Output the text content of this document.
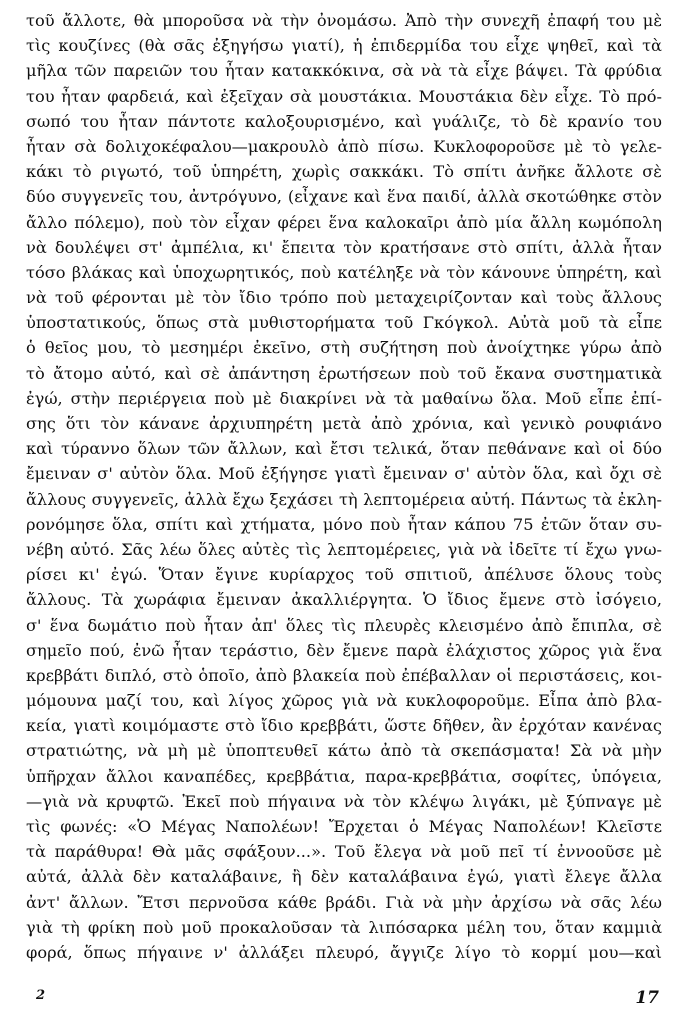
τοῦ ἄλλοτε, θὰ μποροῦσα νὰ τὴν ὀνομάσω. Ἀπὸ τὴν συνεχῆ ἐπαφή του μὲ
τὶς κουζίνες (θὰ σᾶς ἐξηγήσω γιατί), ἡ ἐπιδερμίδα του εἶχε ψηθεῖ, καὶ τὰ
μῆλα τῶν παρειῶν του ἦταν κατακκόκινα, σὰ νὰ τὰ εἶχε βάψει. Τὰ φρύδια
του ἦταν φαρδειά, καὶ ἐξεῖχαν σὰ μουστάκια. Μουστάκια δὲν εἶχε. Τὸ πρό-
σωπό του ἦταν πάντοτε καλοξουρισμένο, καὶ γυάλιζε, τὸ δὲ κρανίο του
ἦταν σὰ δολιχοκέφαλου—μακρουλὸ ἀπὸ πίσω. Κυκλοφοροῦσε μὲ τὸ γελε-
κάκι τὸ ριγωτό, τοῦ ὑπηρέτη, χωρὶς σακκάκι. Τὸ σπίτι ἀνῆκε ἄλλοτε σὲ
δύο συγγενεῖς του, ἀντρόγυνο, (εἶχανε καὶ ἕνα παιδί, ἀλλὰ σκοτώθηκε στὸν
ἄλλο πόλεμο), ποὺ τὸν εἶχαν φέρει ἕνα καλοκαῖρι ἀπὸ μία ἄλλη κωμόπολη
νὰ δουλέψει στ' ἀμπέλια, κι' ἔπειτα τὸν κρατήσανε στὸ σπίτι, ἀλλὰ ἦταν
τόσο βλάκας καὶ ὑποχωρητικός, ποὺ κατέληξε νὰ τὸν κάνουνε ὑπηρέτη, καὶ
νὰ τοῦ φέρονται μὲ τὸν ἴδιο τρόπο ποὺ μεταχειρίζονταν καὶ τοὺς ἄλλους
ὑποστατικούς, ὅπως στὰ μυθιστορήματα τοῦ Γκόγκολ. Αὐτὰ μοῦ τὰ εἶπε
ὁ θεῖος μου, τὸ μεσημέρι ἐκεῖνο, στὴ συζήτηση ποὺ ἀνοίχτηκε γύρω ἀπὸ
τὸ ἄτομο αὐτό, καὶ σὲ ἀπάντηση ἐρωτήσεων ποὺ τοῦ ἔκανα συστηματικὰ
ἐγώ, στὴν περιέργεια ποὺ μὲ διακρίνει νὰ τὰ μαθαίνω ὅλα. Μοῦ εἶπε ἐπί-
σης ὅτι τὸν κάνανε ἀρχιυπηρέτη μετὰ ἀπὸ χρόνια, καὶ γενικὸ ρουφιάνο
καὶ τύραννο ὅλων τῶν ἄλλων, καὶ ἔτσι τελικά, ὅταν πεθάνανε καὶ οἱ δύο
ἔμειναν σ' αὐτὸν ὅλα. Μοῦ ἐξήγησε γιατὶ ἔμειναν σ' αὐτὸν ὅλα, καὶ ὄχι σὲ
ἄλλους συγγενεῖς, ἀλλὰ ἔχω ξεχάσει τὴ λεπτομέρεια αὐτή. Πάντως τὰ ἐκλη-
ρονόμησε ὅλα, σπίτι καὶ χτήματα, μόνο ποὺ ἦταν κάπου 75 ἐτῶν ὅταν συ-
νέβη αὐτό. Σᾶς λέω ὅλες αὐτὲς τὶς λεπτομέρειες, γιὰ νὰ ἰδεῖτε τί ἔχω γνω-
ρίσει κι' ἐγώ. Ὅταν ἔγινε κυρίαρχος τοῦ σπιτιοῦ, ἀπέλυσε ὅλους τοὺς
ἄλλους. Τὰ χωράφια ἔμειναν ἀκαλλιέργητα. Ὁ ἴδιος ἔμενε στὸ ἰσόγειο,
σ' ἕνα δωμάτιο ποὺ ἦταν ἀπ' ὅλες τὶς πλευρὲς κλεισμένο ἀπὸ ἔπιπλα, σὲ
σημεῖο πού, ἐνῶ ἦταν τεράστιο, δὲν ἔμενε παρὰ ἐλάχιστος χῶρος γιὰ ἕνα
κρεββάτι διπλό, στὸ ὁποῖο, ἀπὸ βλακεία ποὺ ἐπέβαλλαν οἱ περιστάσεις, κοι-
μόμουνα μαζί του, καὶ λίγος χῶρος γιὰ νὰ κυκλοφοροῦμε. Εἶπα ἀπὸ βλα-
κεία, γιατὶ κοιμόμαστε στὸ ἴδιο κρεββάτι, ὥστε δῆθεν, ἂν ἐρχόταν κανένας
στρατιώτης, νὰ μὴ μὲ ὑποπτευθεῖ κάτω ἀπὸ τὰ σκεπάσματα! Σὰ νὰ μὴν
ὑπῆρχαν ἄλλοι καναπέδες, κρεββάτια, παρα-κρεββάτια, σοφίτες, ὑπόγεια,
—γιὰ νὰ κρυφτῶ. Ἐκεῖ ποὺ πήγαινα νὰ τὸν κλέψω λιγάκι, μὲ ξύπναγε μὲ
τὶς φωνές: «Ὁ Μέγας Ναπολέων! Ἔρχεται ὁ Μέγας Ναπολέων! Κλεῖστε
τὰ παράθυρα! Θὰ μᾶς σφάξουν...». Τοῦ ἔλεγα νὰ μοῦ πεῖ τί ἐννοοῦσε μὲ
αὐτά, ἀλλὰ δὲν καταλάβαινε, ἢ δὲν καταλάβαινα ἐγώ, γιατὶ ἔλεγε ἄλλα
ἀντ' ἄλλων. Ἔτσι περνοῦσα κάθε βράδι. Γιὰ νὰ μὴν ἀρχίσω νὰ σᾶς λέω
γιὰ τὴ φρίκη ποὺ μοῦ προκαλοῦσαν τὰ λιπόσαρκα μέλη του, ὅταν καμμιὰ
φορά, ὅπως πήγαινε ν' ἀλλάξει πλευρό, ἄγγιζε λίγο τὸ κορμί μου—καὶ
2	17
